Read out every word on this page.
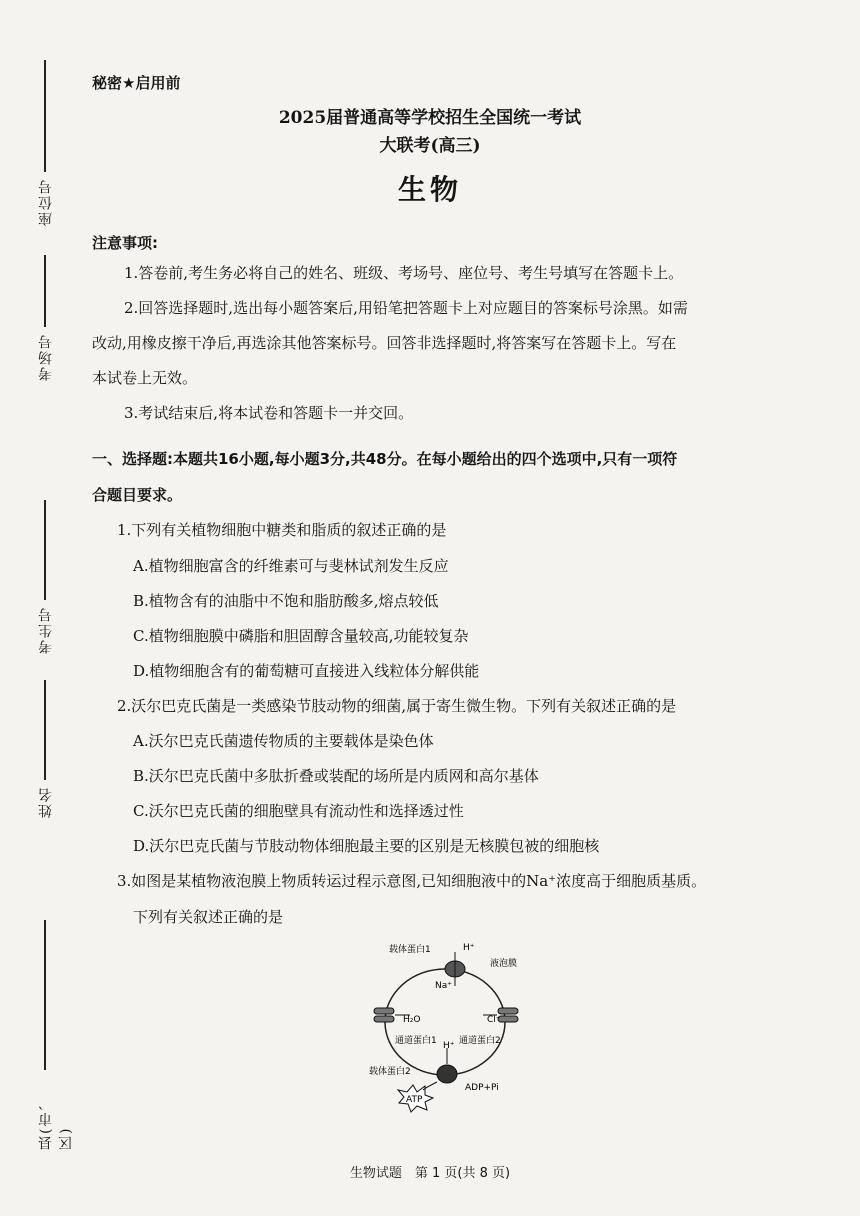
座位号
考场号
考生号
姓名
县(市、区)
秘密★启用前
2025届普通高等学校招生全国统一考试
大联考(高三)
生物
注意事项:
1.答卷前,考生务必将自己的姓名、班级、考场号、座位号、考生号填写在答题卡上。
2.回答选择题时,选出每小题答案后,用铅笔把答题卡上对应题目的答案标号涂黑。如需
改动,用橡皮擦干净后,再选涂其他答案标号。回答非选择题时,将答案写在答题卡上。写在
本试卷上无效。
3.考试结束后,将本试卷和答题卡一并交回。
一、选择题:本题共16小题,每小题3分,共48分。在每小题给出的四个选项中,只有一项符
合题目要求。
1.下列有关植物细胞中糖类和脂质的叙述正确的是
A.植物细胞富含的纤维素可与斐林试剂发生反应
B.植物含有的油脂中不饱和脂肪酸多,熔点较低
C.植物细胞膜中磷脂和胆固醇含量较高,功能较复杂
D.植物细胞含有的葡萄糖可直接进入线粒体分解供能
2.沃尔巴克氏菌是一类感染节肢动物的细菌,属于寄生微生物。下列有关叙述正确的是
A.沃尔巴克氏菌遗传物质的主要载体是染色体
B.沃尔巴克氏菌中多肽折叠或装配的场所是内质网和高尔基体
C.沃尔巴克氏菌的细胞壁具有流动性和选择透过性
D.沃尔巴克氏菌与节肢动物体细胞最主要的区别是无核膜包被的细胞核
3.如图是某植物液泡膜上物质转运过程示意图,已知细胞液中的Na⁺浓度高于细胞质基质。
下列有关叙述正确的是
载体蛋白1	H⁺
Na⁺
液泡膜
H₂O	Cl⁻
通道蛋白1 H⁺ 通道蛋白2
载体蛋白2
ATP
ADP+Pi
生物试题　第 1 页(共 8 页)
